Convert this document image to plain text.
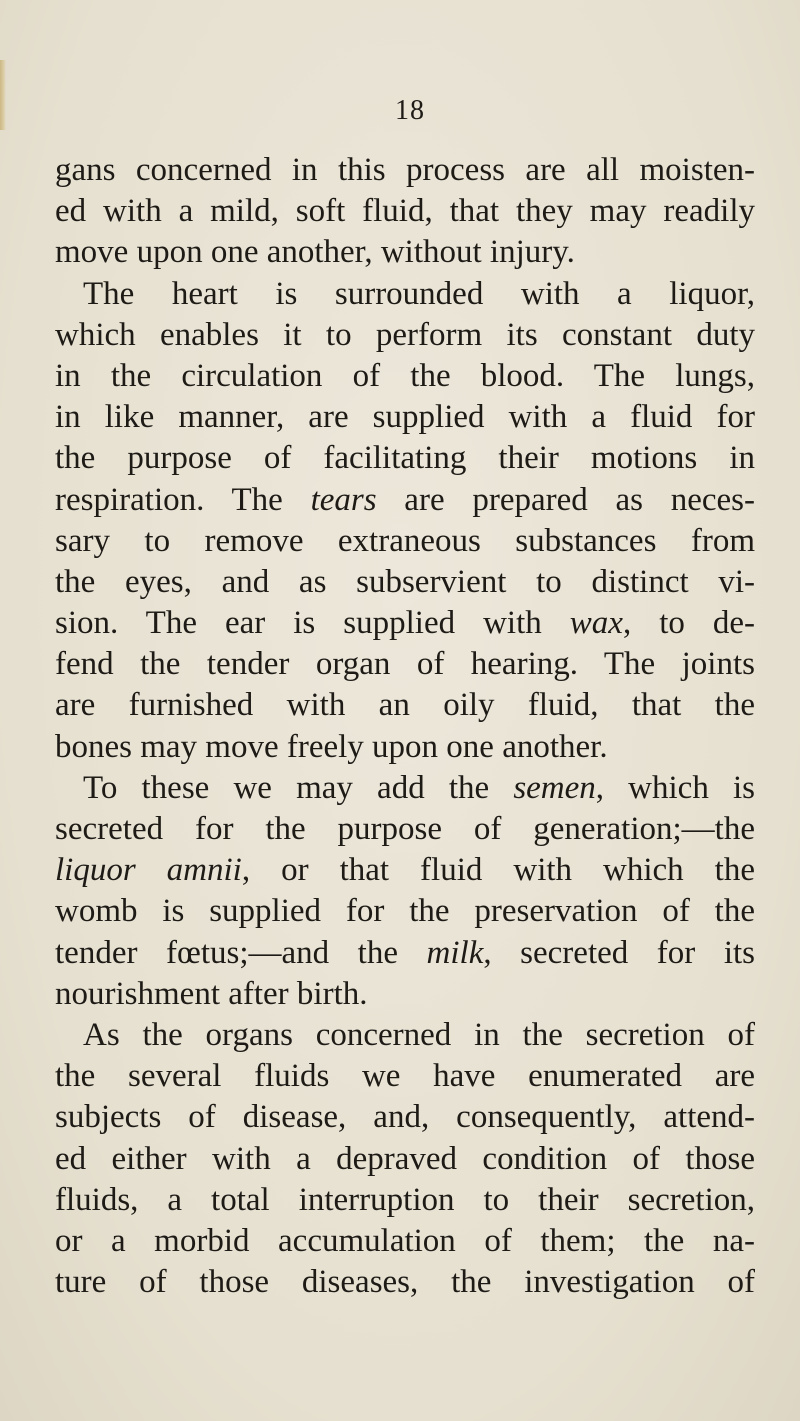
18
gans concerned in this process are all moisten-
ed with a mild, soft fluid, that they may readily
move upon one another, without injury.
The heart is surrounded with a liquor,
which enables it to perform its constant duty
in the circulation of the blood. The lungs,
in like manner, are supplied with a fluid for
the purpose of facilitating their motions in
respiration. The tears are prepared as neces-
sary to remove extraneous substances from
the eyes, and as subservient to distinct vi-
sion. The ear is supplied with wax, to de-
fend the tender organ of hearing. The joints
are furnished with an oily fluid, that the
bones may move freely upon one another.
To these we may add the semen, which is
secreted for the purpose of generation;—the
liquor amnii, or that fluid with which the
womb is supplied for the preservation of the
tender fœtus;—and the milk, secreted for its
nourishment after birth.
As the organs concerned in the secretion of
the several fluids we have enumerated are
subjects of disease, and, consequently, attend-
ed either with a depraved condition of those
fluids, a total interruption to their secretion,
or a morbid accumulation of them; the na-
ture of those diseases, the investigation of
